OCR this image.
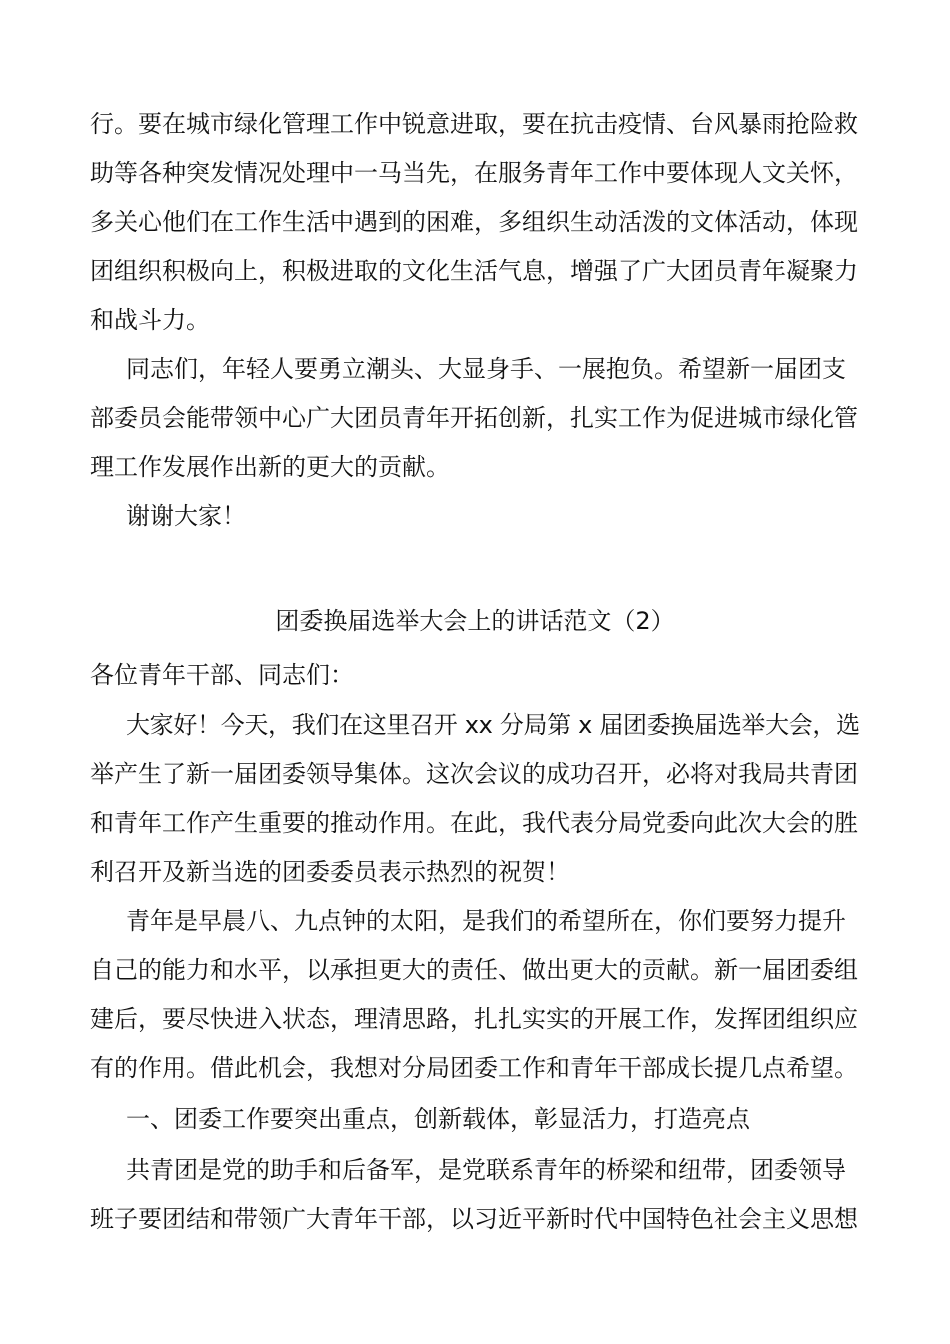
行。要在城市绿化管理工作中锐意进取，要在抗击疫情、台风暴雨抢险救
助等各种突发情况处理中一马当先，在服务青年工作中要体现人文关怀，
多关心他们在工作生活中遇到的困难，多组织生动活泼的文体活动，体现
团组织积极向上，积极进取的文化生活气息，增强了广大团员青年凝聚力
和战斗力。
同志们，年轻人要勇立潮头、大显身手、一展抱负。希望新一届团支
部委员会能带领中心广大团员青年开拓创新，扎实工作为促进城市绿化管
理工作发展作出新的更大的贡献。
谢谢大家！
团委换届选举大会上的讲话范文（2）
各位青年干部、同志们：
大家好！今天，我们在这里召开 xx 分局第 x 届团委换届选举大会，选
举产生了新一届团委领导集体。这次会议的成功召开，必将对我局共青团
和青年工作产生重要的推动作用。在此，我代表分局党委向此次大会的胜
利召开及新当选的团委委员表示热烈的祝贺！
青年是早晨八、九点钟的太阳，是我们的希望所在，你们要努力提升
自己的能力和水平，以承担更大的责任、做出更大的贡献。新一届团委组
建后，要尽快进入状态，理清思路，扎扎实实的开展工作，发挥团组织应
有的作用。借此机会，我想对分局团委工作和青年干部成长提几点希望。
一、团委工作要突出重点，创新载体，彰显活力，打造亮点
共青团是党的助手和后备军，是党联系青年的桥梁和纽带，团委领导
班子要团结和带领广大青年干部，以习近平新时代中国特色社会主义思想
